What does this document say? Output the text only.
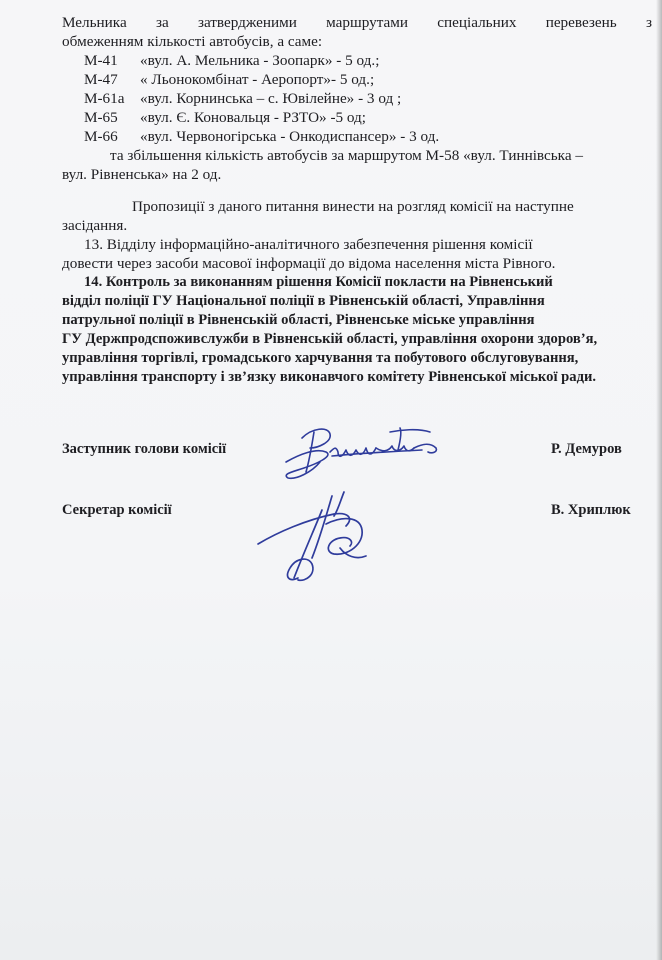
Мельника за затвердженими маршрутами спеціальних перевезень з
обмеженням кількості автобусів, а саме:
М-41	«вул. А. Мельника - Зоопарк» - 5 од.;
М-47	« Льонокомбінат - Аеропорт»- 5 од.;
М-61а	«вул. Корнинська – с. Ювілейне» - 3 од ;
М-65	«вул. Є. Коновальця - РЗТО» -5 од;
М-66	«вул. Червоногірська - Онкодиспансер» - 3 од.
та збільшення кількість автобусів за маршрутом М-58 «вул. Тиннівська –
вул. Рівненська» на 2 од.
Пропозиції з даного питання винести на розгляд комісії на наступне
засідання.
13. Відділу інформаційно-аналітичного забезпечення рішення комісії
довести через засоби масової інформації до відома населення міста Рівного.
14. Контроль за виконанням рішення Комісії покласти на Рівненський
відділ поліції ГУ Національної поліції в Рівненській області, Управління
патрульної поліції в Рівненській області, Рівненське міське управління
ГУ Держпродспоживслужби в Рівненській області, управління охорони здоров’я,
управління торгівлі, громадського харчування та побутового обслуговування,
управління транспорту і зв’язку виконавчого комітету Рівненської міської ради.
Заступник голови комісії	Р. Демуров
Секретар комісії	В. Хриплюк
